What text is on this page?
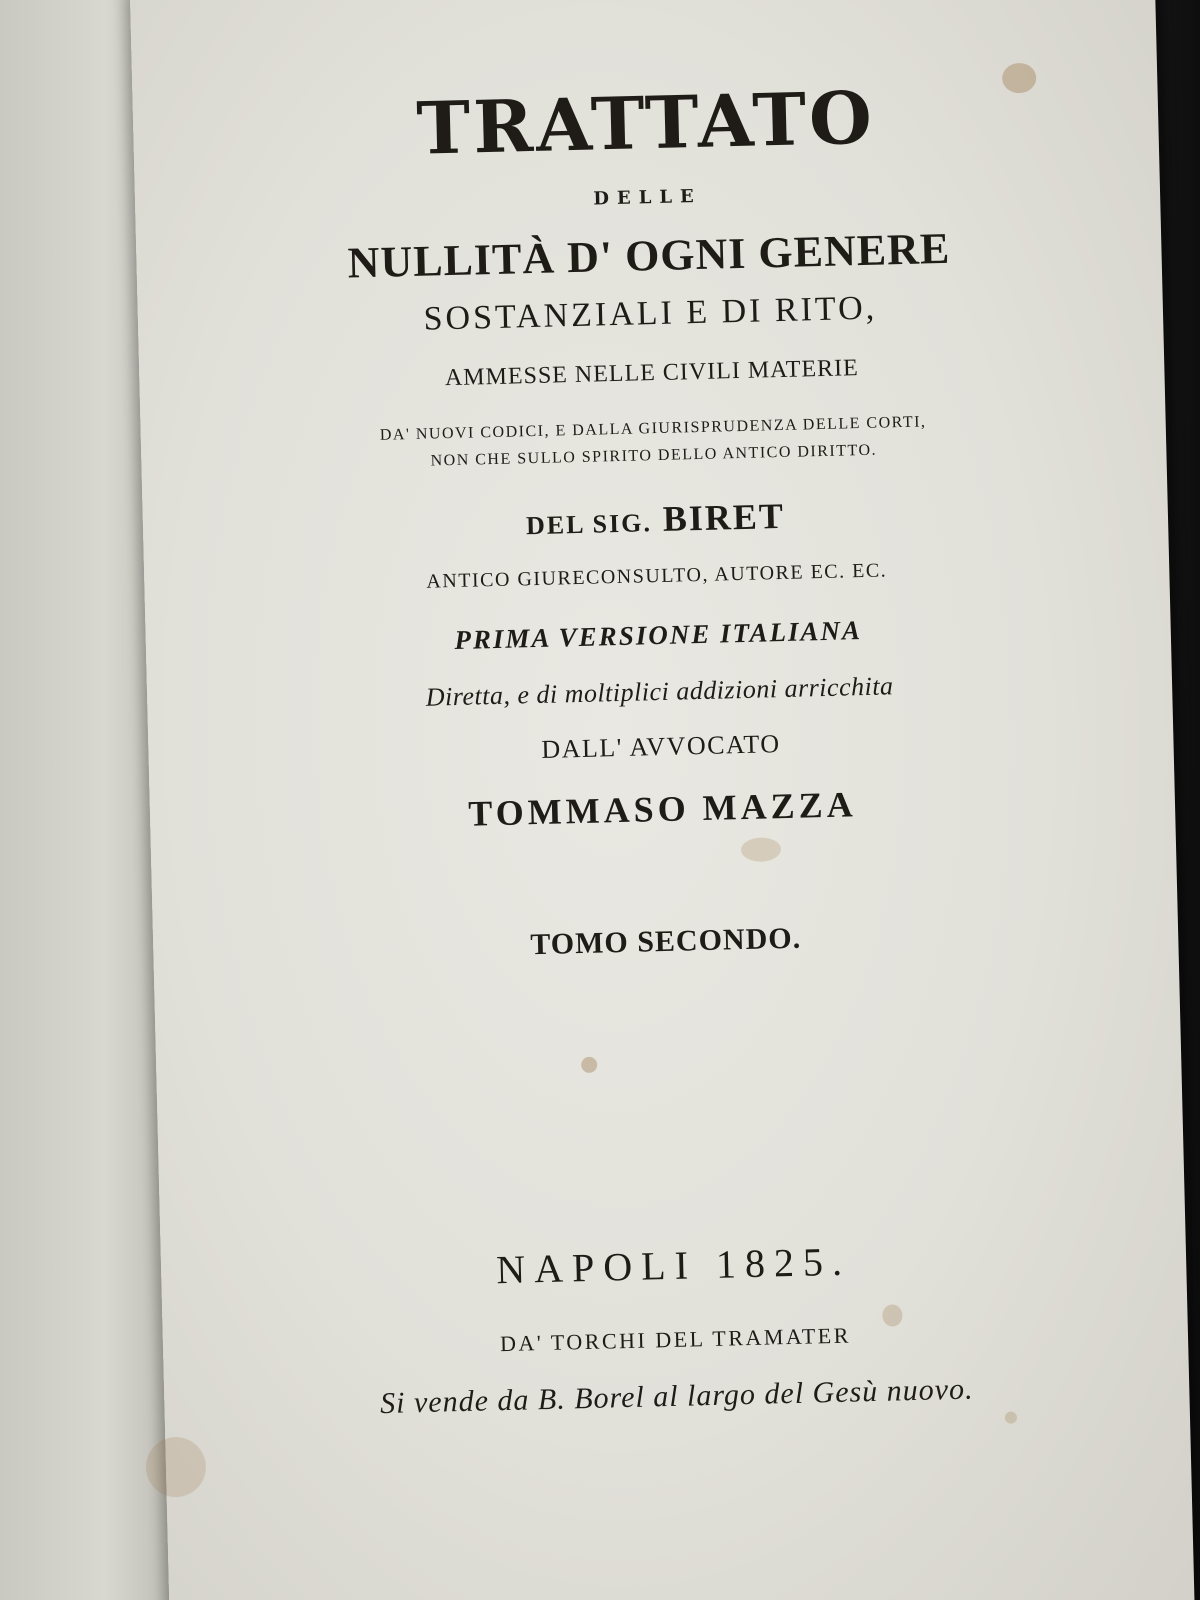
TRATTATO
DELLE
NULLITÀ D' OGNI GENERE
SOSTANZIALI E DI RITO,
AMMESSE NELLE CIVILI MATERIE
DA' NUOVI CODICI, E DALLA GIURISPRUDENZA DELLE CORTI,
NON CHE SULLO SPIRITO DELLO ANTICO DIRITTO.
DEL SIG. BIRET
ANTICO GIURECONSULTO, AUTORE EC. EC.
PRIMA VERSIONE ITALIANA
Diretta, e di moltiplici addizioni arricchita
DALL' AVVOCATO
TOMMASO MAZZA
TOMO SECONDO.
NAPOLI 1825.
DA' TORCHI DEL TRAMATER
Si vende da B. Borel al largo del Gesù nuovo.
